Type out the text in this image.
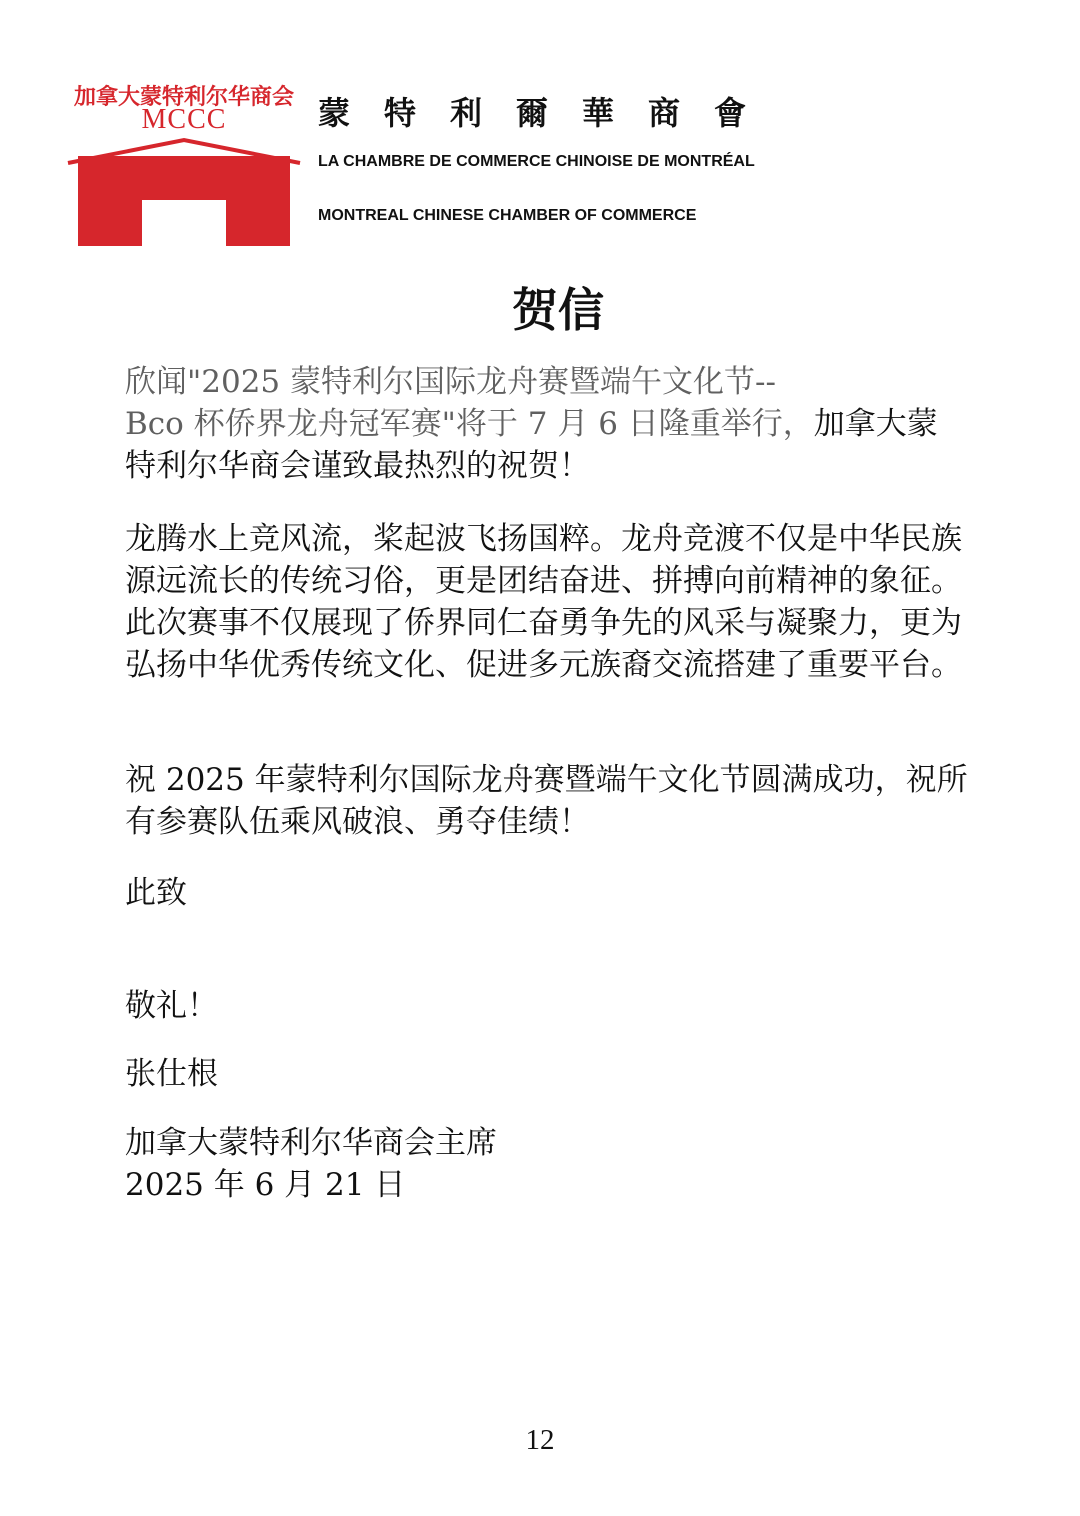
加拿大蒙特利尔华商会
MCCC	蒙特利爾華商會
LA CHAMBRE DE COMMERCE CHINOISE DE MONTRÉAL
MONTREAL CHINESE CHAMBER OF COMMERCE
贺信
欣闻"2025 蒙特利尔国际龙舟赛暨端午文化节--
Bco 杯侨界龙舟冠军赛"将于 7 月 6 日隆重举行，加拿大蒙
特利尔华商会谨致最热烈的祝贺！
龙腾水上竞风流，桨起波飞扬国粹。龙舟竞渡不仅是中华民族源远流长的传统习俗，更是团结奋进、拼搏向前精神的象征。此次赛事不仅展现了侨界同仁奋勇争先的风采与凝聚力，更为弘扬中华优秀传统文化、促进多元族裔交流搭建了重要平台。
祝 2025 年蒙特利尔国际龙舟赛暨端午文化节圆满成功，祝所有参赛队伍乘风破浪、勇夺佳绩！
此致
敬礼！
张仕根
加拿大蒙特利尔华商会主席
2025 年 6 月 21 日
12
